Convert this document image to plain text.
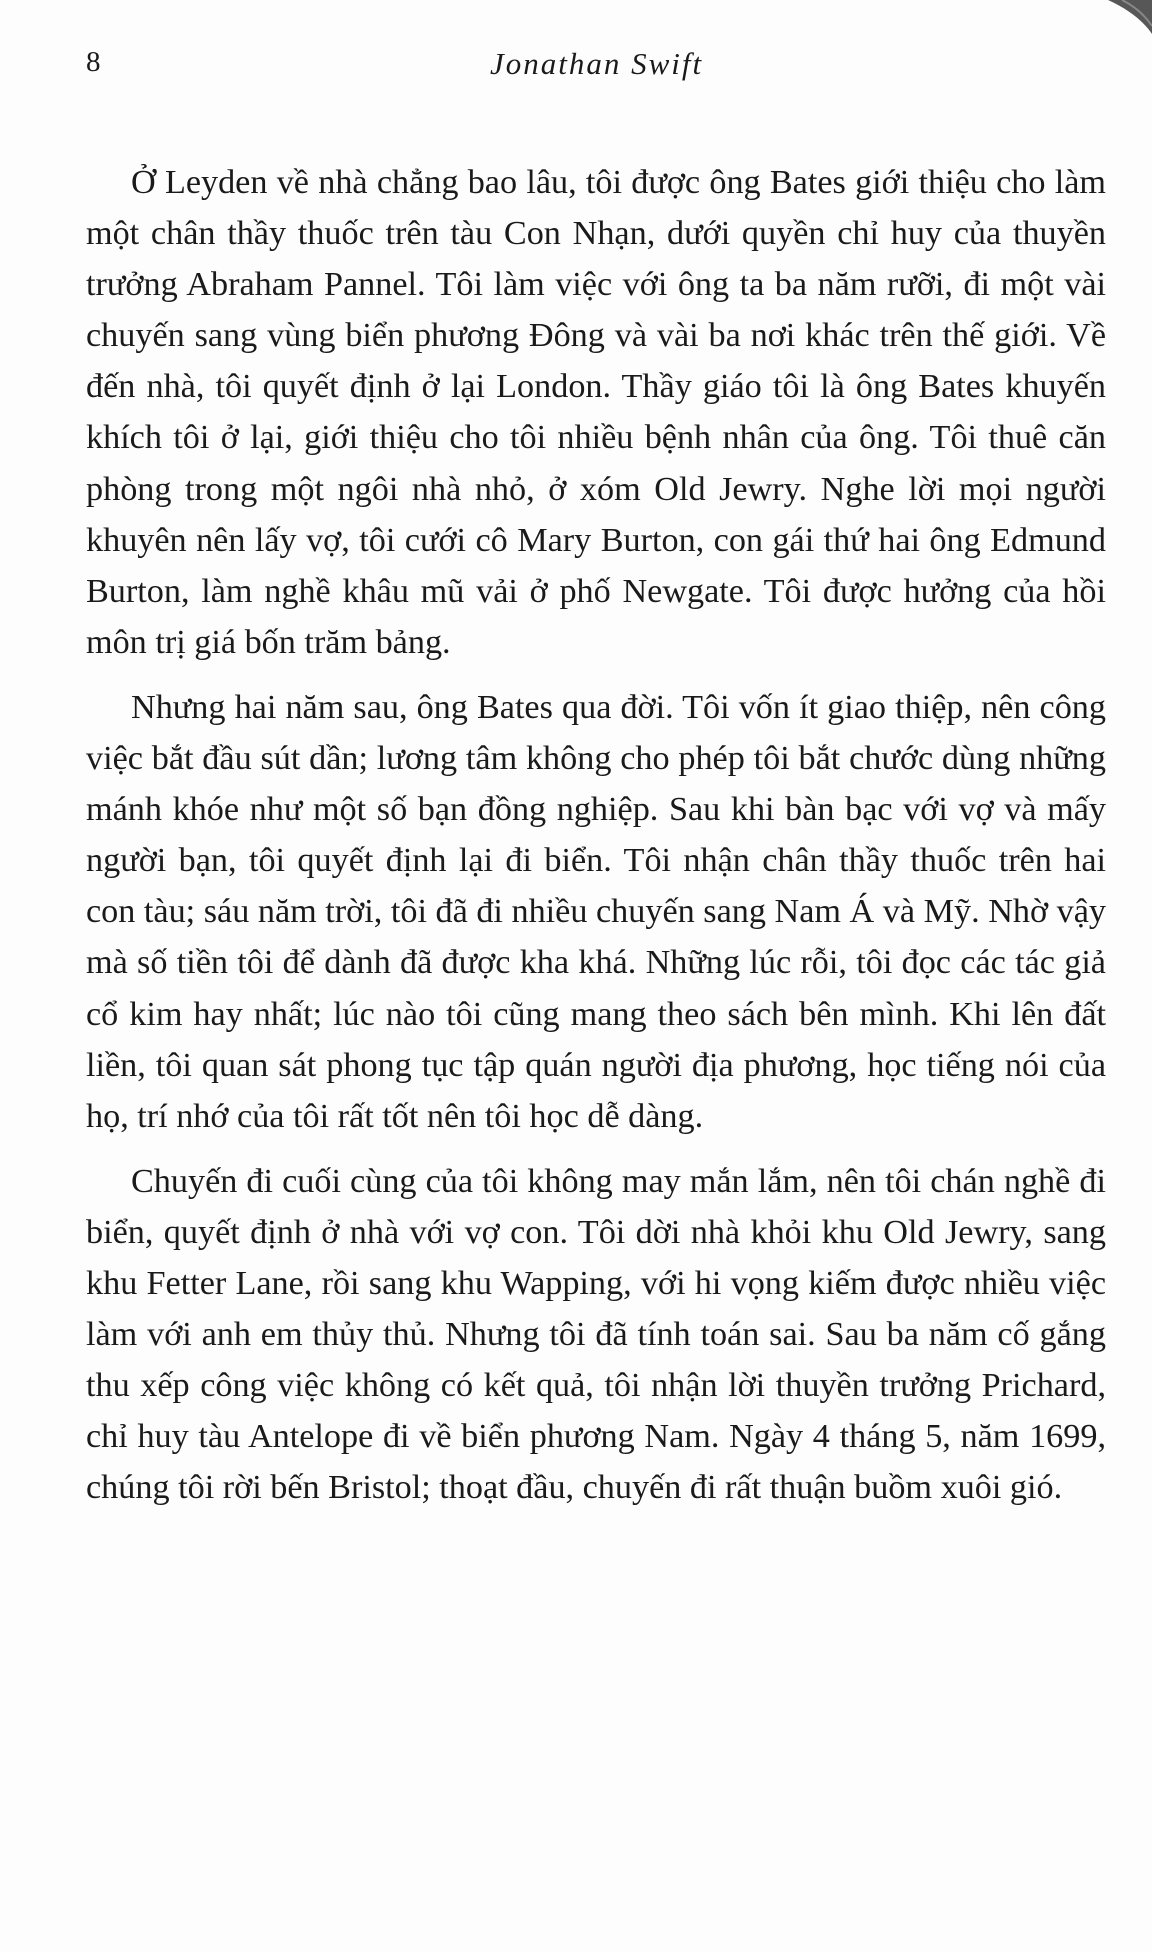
8	Jonathan Swift

Ở Leyden về nhà chẳng bao lâu, tôi được ông Bates giới thiệu cho làm một chân thầy thuốc trên tàu Con Nhạn, dưới quyền chỉ huy của thuyền trưởng Abraham Pannel. Tôi làm việc với ông ta ba năm rưỡi, đi một vài chuyến sang vùng biển phương Đông và vài ba nơi khác trên thế giới. Về đến nhà, tôi quyết định ở lại London. Thầy giáo tôi là ông Bates khuyến khích tôi ở lại, giới thiệu cho tôi nhiều bệnh nhân của ông. Tôi thuê căn phòng trong một ngôi nhà nhỏ, ở xóm Old Jewry. Nghe lời mọi người khuyên nên lấy vợ, tôi cưới cô Mary Burton, con gái thứ hai ông Edmund Burton, làm nghề khâu mũ vải ở phố Newgate. Tôi được hưởng của hồi môn trị giá bốn trăm bảng.

Nhưng hai năm sau, ông Bates qua đời. Tôi vốn ít giao thiệp, nên công việc bắt đầu sút dần; lương tâm không cho phép tôi bắt chước dùng những mánh khóe như một số bạn đồng nghiệp. Sau khi bàn bạc với vợ và mấy người bạn, tôi quyết định lại đi biển. Tôi nhận chân thầy thuốc trên hai con tàu; sáu năm trời, tôi đã đi nhiều chuyến sang Nam Á và Mỹ. Nhờ vậy mà số tiền tôi để dành đã được kha khá. Những lúc rỗi, tôi đọc các tác giả cổ kim hay nhất; lúc nào tôi cũng mang theo sách bên mình. Khi lên đất liền, tôi quan sát phong tục tập quán người địa phương, học tiếng nói của họ, trí nhớ của tôi rất tốt nên tôi học dễ dàng.

Chuyến đi cuối cùng của tôi không may mắn lắm, nên tôi chán nghề đi biển, quyết định ở nhà với vợ con. Tôi dời nhà khỏi khu Old Jewry, sang khu Fetter Lane, rồi sang khu Wapping, với hi vọng kiếm được nhiều việc làm với anh em thủy thủ. Nhưng tôi đã tính toán sai. Sau ba năm cố gắng thu xếp công việc không có kết quả, tôi nhận lời thuyền trưởng Prichard, chỉ huy tàu Antelope đi về biển phương Nam. Ngày 4 tháng 5, năm 1699, chúng tôi rời bến Bristol; thoạt đầu, chuyến đi rất thuận buồm xuôi gió.
